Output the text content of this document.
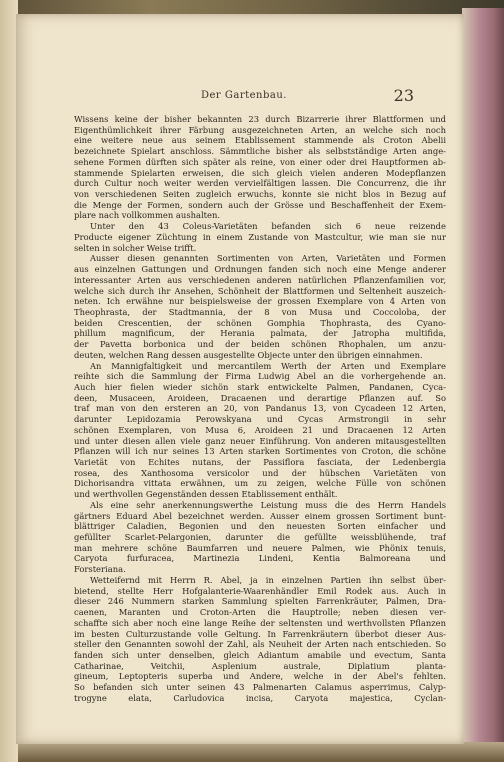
Der Gartenbau.	23
Wissens keine der bisher bekannten 23 durch Bizarrerie ihrer Blattformen und
Eigenthümlichkeit ihrer Färbung ausgezeichneten Arten, an welche sich noch
eine weitere neue aus seinem Etablissement stammende als Croton Abelii
bezeichnete Spielart anschloss. Sämmtliche bisher als selbstständige Arten ange-
sehene Formen dürften sich später als reine, von einer oder drei Hauptformen ab-
stammende Spielarten erweisen, die sich gleich vielen anderen Modepflanzen
durch Cultur noch weiter werden vervielfältigen lassen. Die Concurrenz, die ihr
von verschiedenen Seiten zugleich erwuchs, konnte sie nicht blos in Bezug auf
die Menge der Formen, sondern auch der Grösse und Beschaffenheit der Exem-
plare nach vollkommen aushalten.
Unter den 43 Coleus-Varietäten befanden sich 6 neue reizende
Producte eigener Züchtung in einem Zustande von Mastcultur, wie man sie nur
selten in solcher Weise trifft.
Ausser diesen genannten Sortimenten von Arten, Varietäten und Formen
aus einzelnen Gattungen und Ordnungen fanden sich noch eine Menge anderer
interessanter Arten aus verschiedenen anderen natürlichen Pflanzenfamilien vor,
welche sich durch ihr Ansehen, Schönheit der Blattformen und Seltenheit auszeich-
neten. Ich erwähne nur beispielsweise der grossen Exemplare von 4 Arten von
Theophrasta, der Stadtmannia, der 8 von Musa und Coccoloba, der
beiden Crescentien, der schönen Gomphia Thophrasta, des Cyano-
phillum magnificum, der Herania palmata, der Jatropha multifida,
der Pavetta borbonica und der beiden schönen Rhophalen, um anzu-
deuten, welchen Rang dessen ausgestellte Objecte unter den übrigen einnahmen.
An Mannigfaltigkeit und mercantilem Werth der Arten und Exemplare
reihte sich die Sammlung der Firma Ludwig Abel an die vorhergehende an.
Auch hier fielen wieder sichön stark entwickelte Palmen, Pandanen, Cyca-
deen, Musaceen, Aroideen, Dracaenen und derartige Pflanzen auf. So
traf man von den ersteren an 20, von Pandanus 13, von Cycadeen 12 Arten,
darunter Lepidozamia Perowskyana und Cycas Armstrongii in sehr
schönen Exemplaren, von Musa 6, Aroideen 21 und Dracaenen 12 Arten
und unter diesen allen viele ganz neuer Einführung. Von anderen mitausgestellten
Pflanzen will ich nur seines 13 Arten starken Sortimentes von Croton, die schöne
Varietät von Echites nutans, der Passiflora fasciata, der Ledenbergia
rosea, des Xanthosoma versicolor und der hübschen Varietäten von
Dichorisandra vittata erwähnen, um zu zeigen, welche Fülle von schönen
und werthvollen Gegenständen dessen Etablissement enthält.
Als eine sehr anerkennungswerthe Leistung muss die des Herrn Handels
gärtners Eduard Abel bezeichnet werden. Ausser einem grossen Sortiment bunt-
blättriger Caladien, Begonien und den neuesten Sorten einfacher und
gefüllter Scarlet-Pelargonien, darunter die gefüllte weissblühende, traf
man mehrere schöne Baumfarren und neuere Palmen, wie Phönix tenuis,
Caryota furfuracea, Martinezia Lindeni, Kentia Balmoreana und
Forsteriana.
Wetteifernd mit Herrn R. Abel, ja in einzelnen Partien ihn selbst über-
bietend, stellte Herr Hofgalanterie-Waarenhändler Emil Rodek aus. Auch in
dieser 246 Nummern starken Sammlung spielten Farrenkräuter, Palmen, Dra-
caenen, Maranten und Croton-Arten die Hauptrolle; neben diesen ver-
schaffte sich aber noch eine lange Reihe der seltensten und werthvollsten Pflanzen
im besten Culturzustande volle Geltung. In Farrenkräutern überbot dieser Aus-
steller den Genannten sowohl der Zahl, als Neuheit der Arten nach entschieden. So
fanden sich unter denselben, gleich Adiantum amabile und evectum, Santa
Catharinae, Veitchii, Asplenium australe, Diplatium planta-
gineum, Leptopteris superba und Andere, welche in der Abel's fehlten.
So befanden sich unter seinen 43 Palmenarten Calamus asperrimus, Calyp-
trogyne elata, Carludovica incisa, Caryota majestica, Cyclan-
